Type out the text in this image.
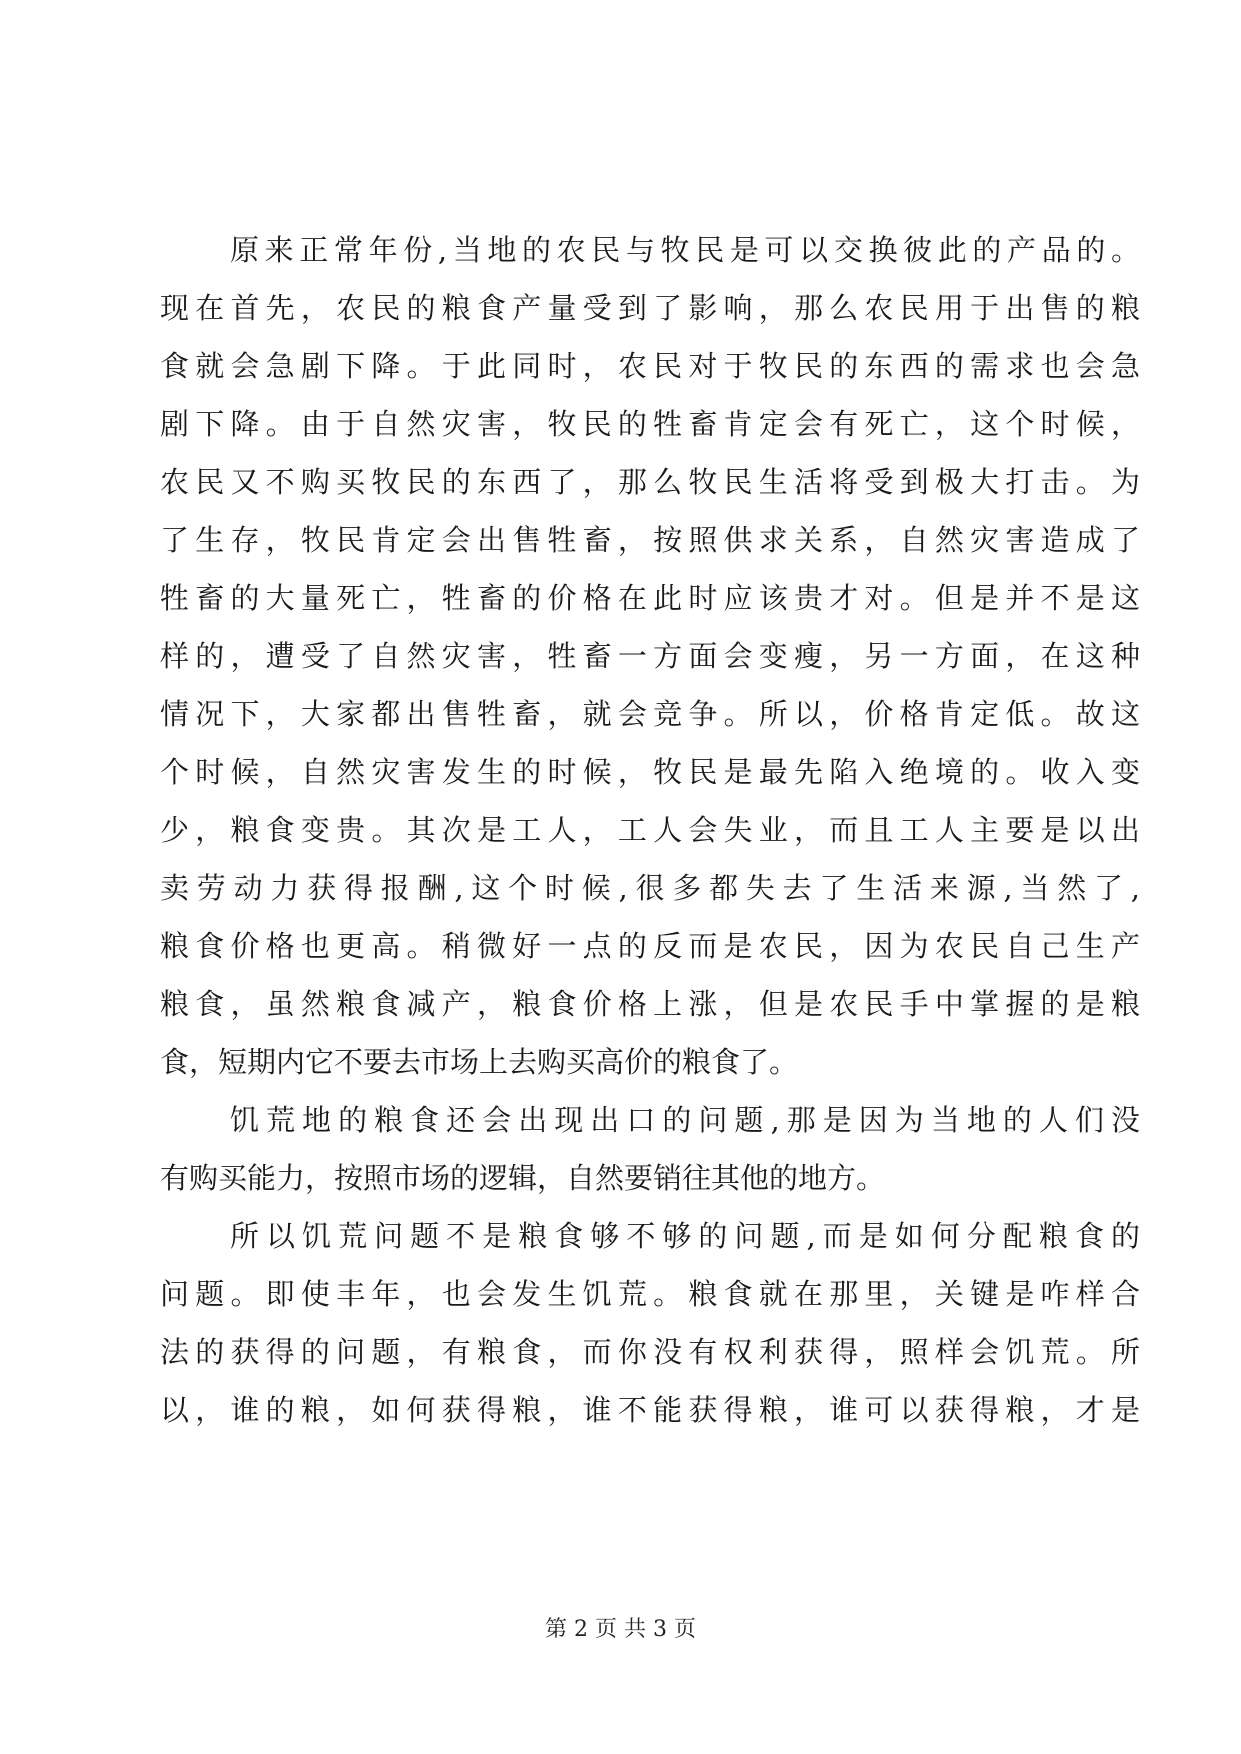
原来正常年份,当地的农民与牧民是可以交换彼此的产品的。
现在首先，农民的粮食产量受到了影响，那么农民用于出售的粮
食就会急剧下降。于此同时，农民对于牧民的东西的需求也会急
剧下降。由于自然灾害，牧民的牲畜肯定会有死亡，这个时候，
农民又不购买牧民的东西了，那么牧民生活将受到极大打击。为
了生存，牧民肯定会出售牲畜，按照供求关系，自然灾害造成了
牲畜的大量死亡，牲畜的价格在此时应该贵才对。但是并不是这
样的，遭受了自然灾害，牲畜一方面会变瘦，另一方面，在这种
情况下，大家都出售牲畜，就会竞争。所以，价格肯定低。故这
个时候，自然灾害发生的时候，牧民是最先陷入绝境的。收入变
少，粮食变贵。其次是工人，工人会失业，而且工人主要是以出
卖劳动力获得报酬,这个时候,很多都失去了生活来源,当然了,
粮食价格也更高。稍微好一点的反而是农民，因为农民自己生产
粮食，虽然粮食减产，粮食价格上涨，但是农民手中掌握的是粮
食，短期内它不要去市场上去购买高价的粮食了。
饥荒地的粮食还会出现出口的问题,那是因为当地的人们没
有购买能力，按照市场的逻辑，自然要销往其他的地方。
所以饥荒问题不是粮食够不够的问题,而是如何分配粮食的
问题。即使丰年，也会发生饥荒。粮食就在那里，关键是咋样合
法的获得的问题，有粮食，而你没有权利获得，照样会饥荒。所
以，谁的粮，如何获得粮，谁不能获得粮，谁可以获得粮，才是
第 2 页 共 3 页
